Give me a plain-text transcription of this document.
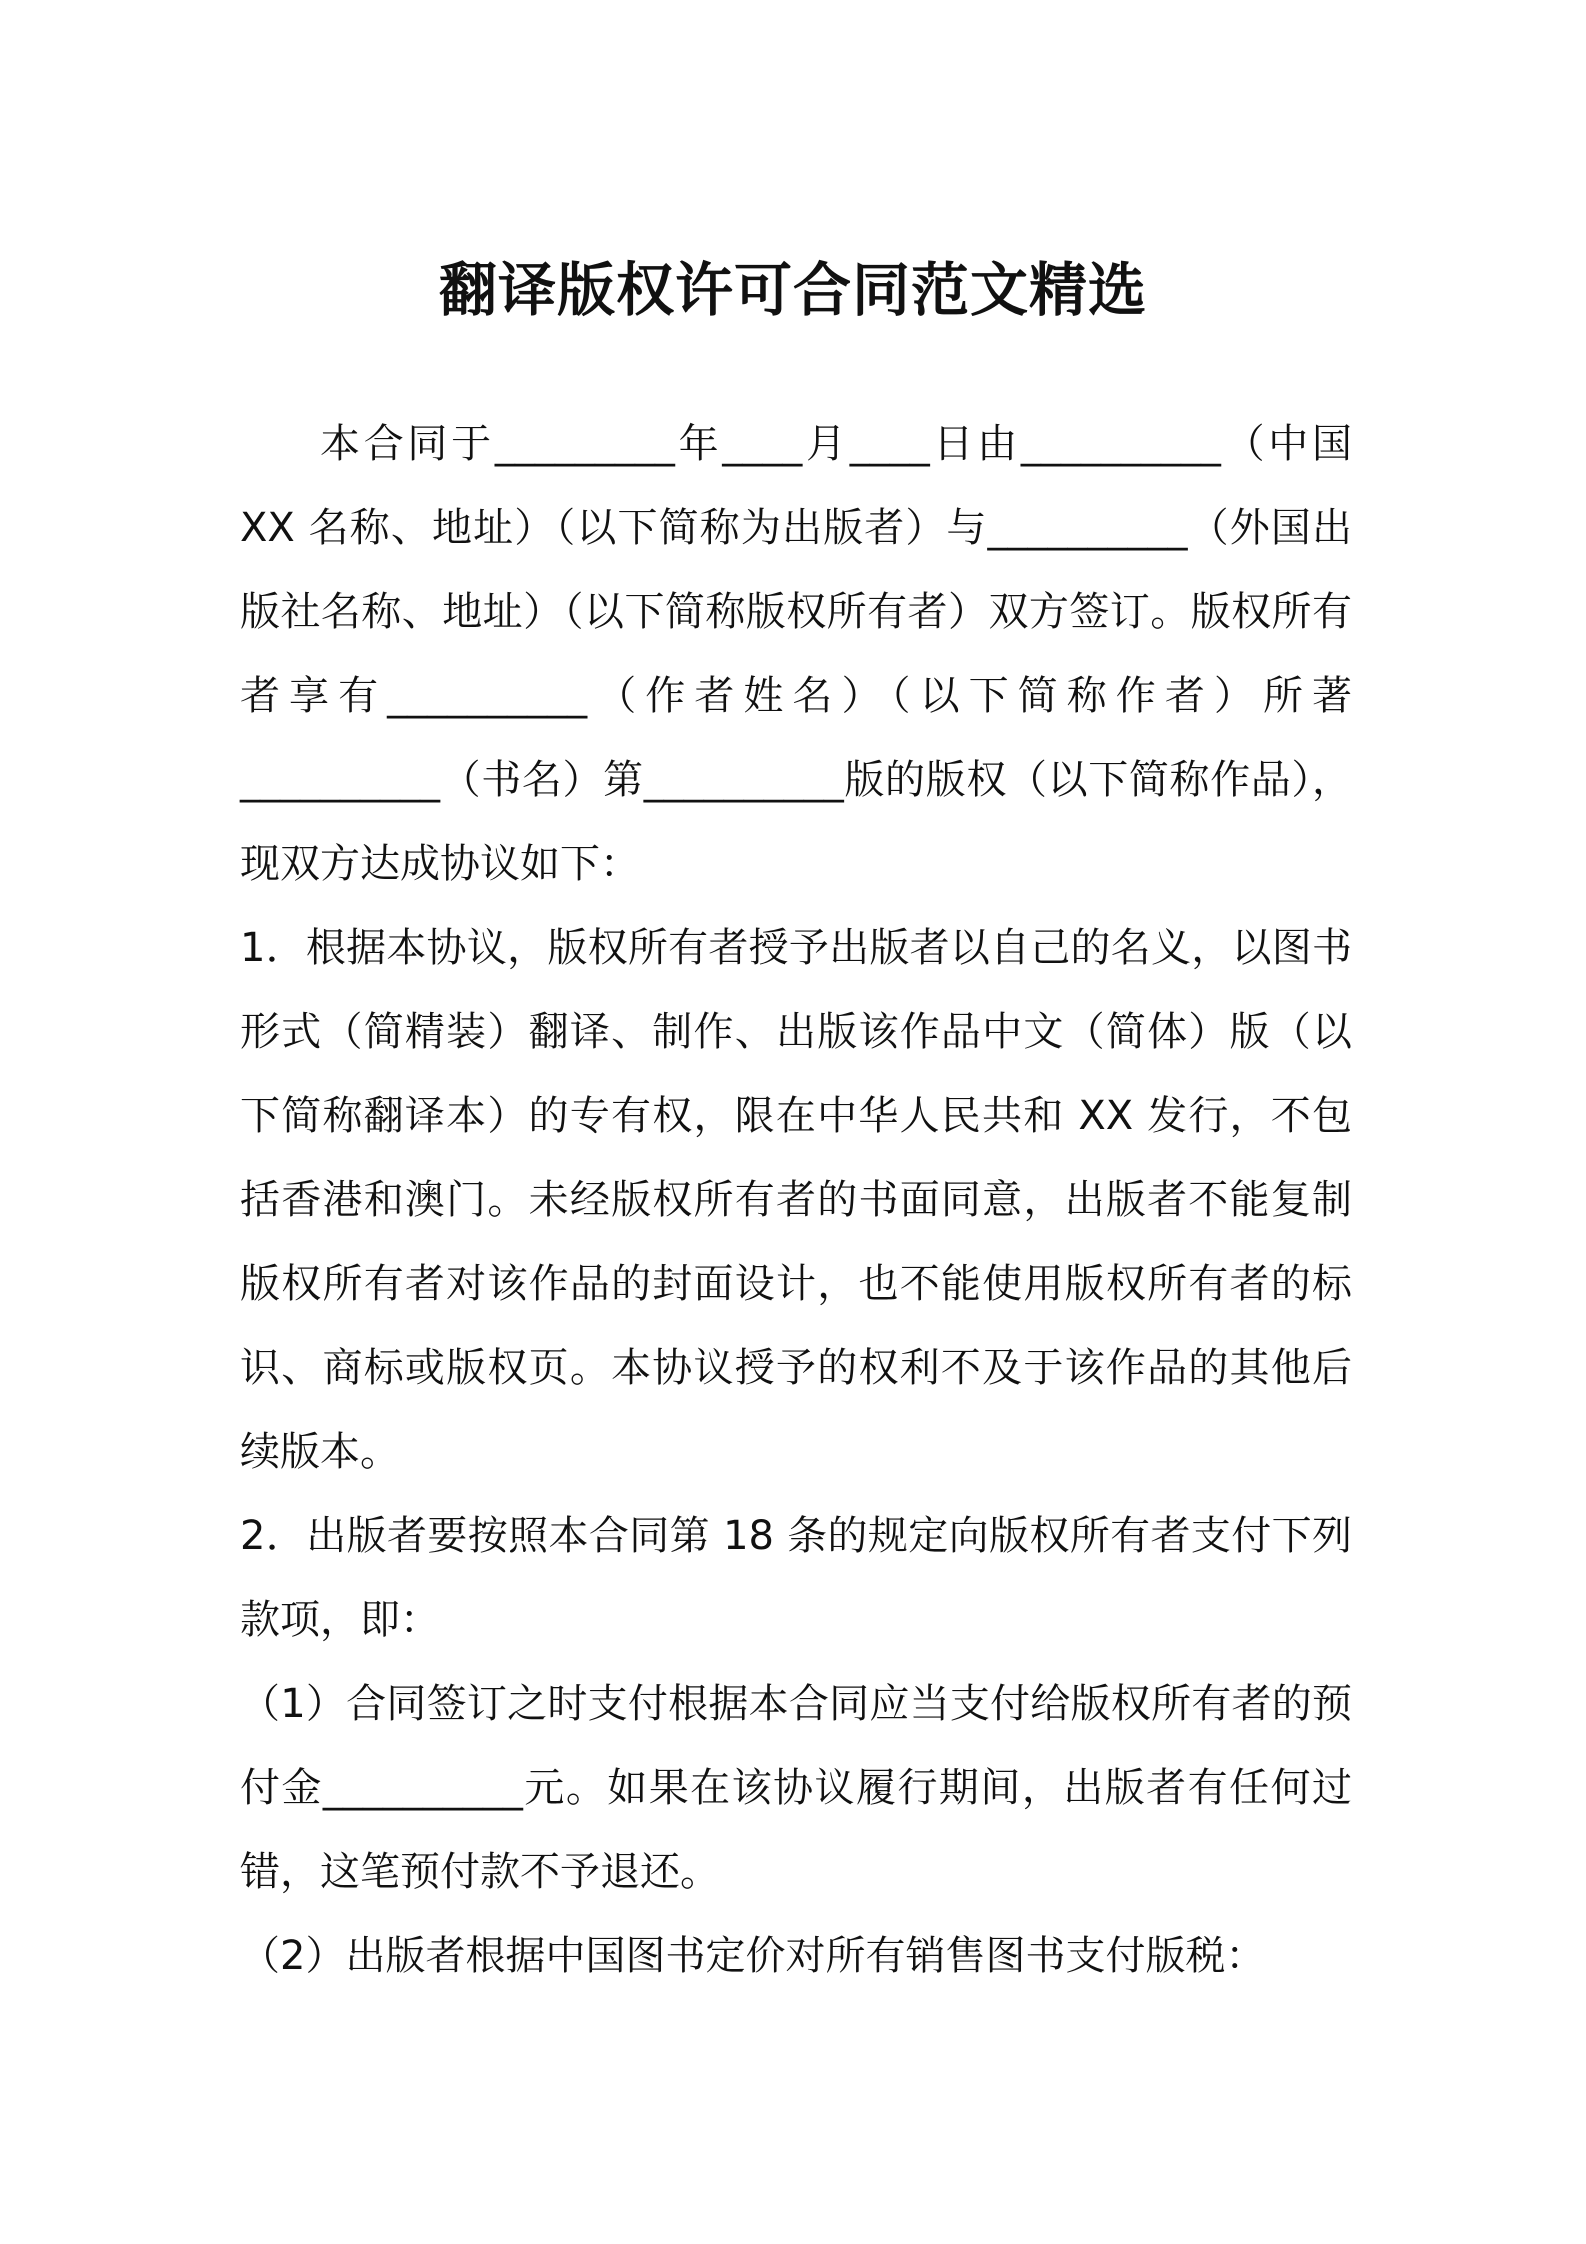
翻译版权许可合同范文精选

本合同于_________年____月____日由__________（中国 XX 名称、地址）（以下简称为出版者）与__________（外国出版社名称、地址）（以下简称版权所有者）双方签订。版权所有者享有__________（作者姓名）（以下简称作者）所著__________（书名）第__________版的版权（以下简称作品），现双方达成协议如下：

1．根据本协议，版权所有者授予出版者以自己的名义，以图书形式（简精装）翻译、制作、出版该作品中文（简体）版（以下简称翻译本）的专有权，限在中华人民共和 XX 发行，不包括香港和澳门。未经版权所有者的书面同意，出版者不能复制版权所有者对该作品的封面设计，也不能使用版权所有者的标识、商标或版权页。本协议授予的权利不及于该作品的其他后续版本。

2．出版者要按照本合同第 18 条的规定向版权所有者支付下列款项，即：

（1）合同签订之时支付根据本合同应当支付给版权所有者的预付金__________元。如果在该协议履行期间，出版者有任何过错，这笔预付款不予退还。

（2）出版者根据中国图书定价对所有销售图书支付版税：
